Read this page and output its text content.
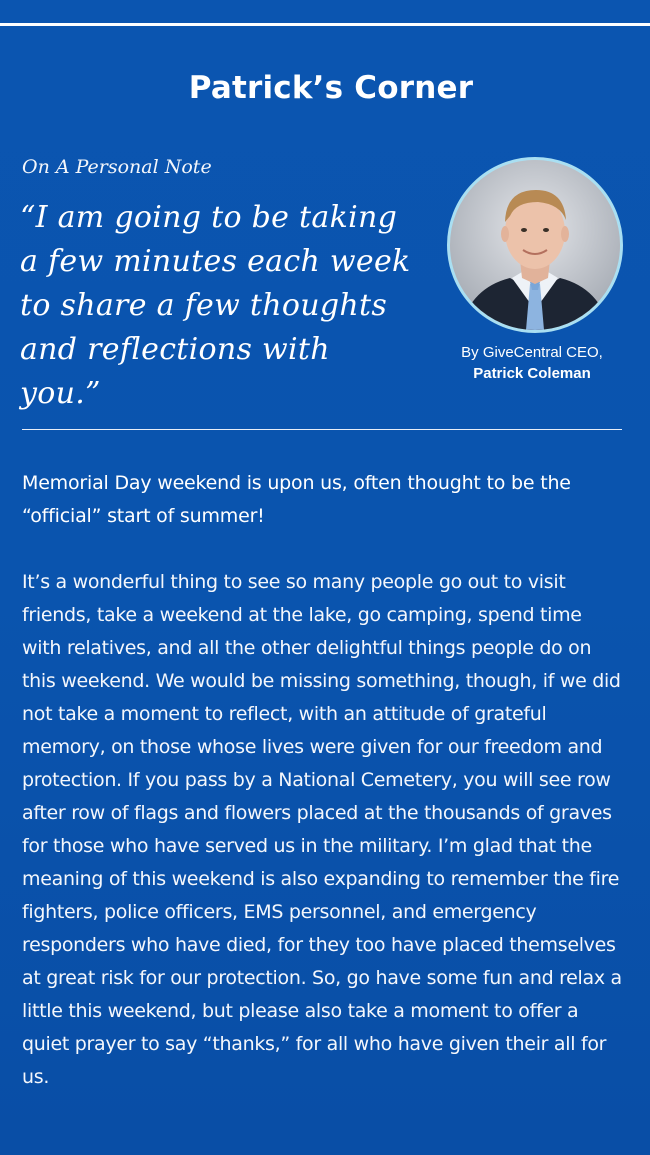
Patrick’s Corner

On A Personal Note

“I am going to be taking a few minutes each week to share a few thoughts and reflections with you.”

By GiveCentral CEO,
Patrick Coleman

Memorial Day weekend is upon us, often thought to be the “official” start of summer!

It’s a wonderful thing to see so many people go out to visit friends, take a weekend at the lake, go camping, spend time with relatives, and all the other delightful things people do on this weekend. We would be missing something, though, if we did not take a moment to reflect, with an attitude of grateful memory, on those whose lives were given for our freedom and protection. If you pass by a National Cemetery, you will see row after row of flags and flowers placed at the thousands of graves for those who have served us in the military. I’m glad that the meaning of this weekend is also expanding to remember the fire fighters, police officers, EMS personnel, and emergency responders who have died, for they too have placed themselves at great risk for our protection. So, go have some fun and relax a little this weekend, but please also take a moment to offer a quiet prayer to say “thanks,” for all who have given their all for us.
